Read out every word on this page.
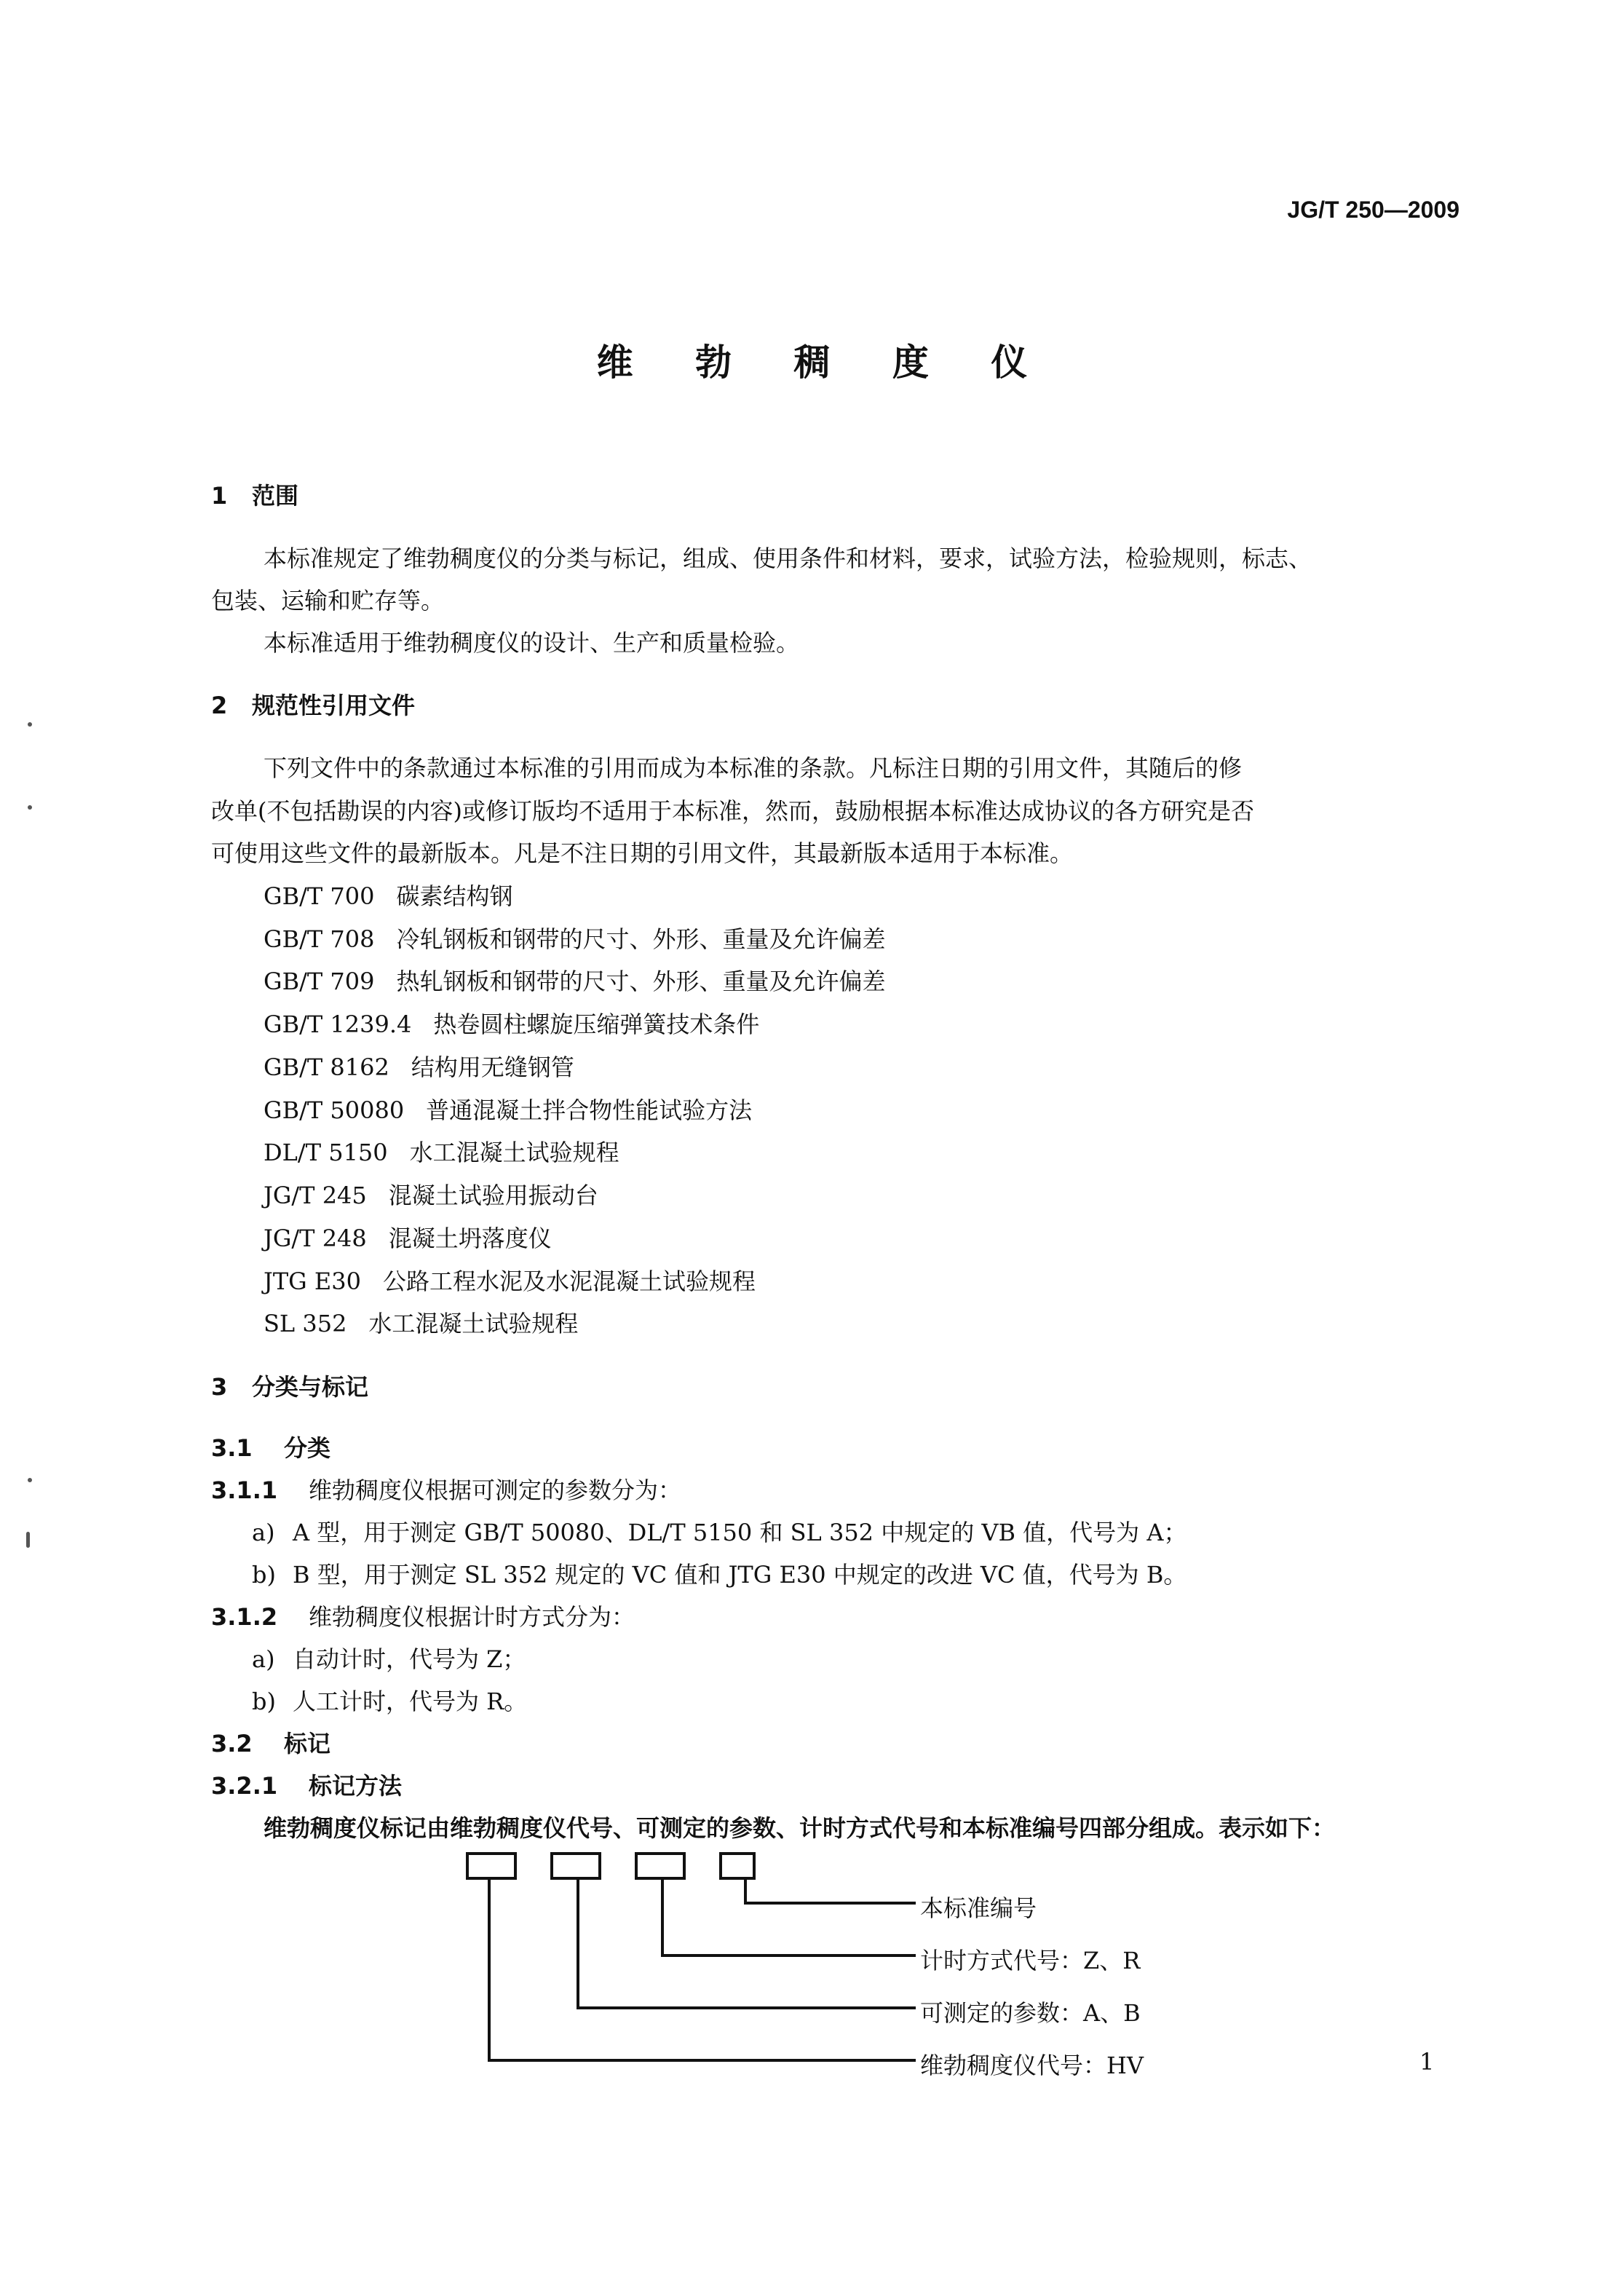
JG/T 250—2009
维 勃 稠 度 仪
1 范围
本标准规定了维勃稠度仪的分类与标记，组成、使用条件和材料，要求，试验方法，检验规则，标志、
包装、运输和贮存等。
本标准适用于维勃稠度仪的设计、生产和质量检验。
2 规范性引用文件
下列文件中的条款通过本标准的引用而成为本标准的条款。凡标注日期的引用文件，其随后的修
改单(不包括勘误的内容)或修订版均不适用于本标准，然而，鼓励根据本标准达成协议的各方研究是否
可使用这些文件的最新版本。凡是不注日期的引用文件，其最新版本适用于本标准。
GB/T 700 碳素结构钢
GB/T 708 冷轧钢板和钢带的尺寸、外形、重量及允许偏差
GB/T 709 热轧钢板和钢带的尺寸、外形、重量及允许偏差
GB/T 1239.4 热卷圆柱螺旋压缩弹簧技术条件
GB/T 8162 结构用无缝钢管
GB/T 50080 普通混凝土拌合物性能试验方法
DL/T 5150 水工混凝土试验规程
JG/T 245 混凝土试验用振动台
JG/T 248 混凝土坍落度仪
JTG E30 公路工程水泥及水泥混凝土试验规程
SL 352 水工混凝土试验规程
3 分类与标记
3.1 分类
3.1.1 维勃稠度仪根据可测定的参数分为：
a) A 型，用于测定 GB/T 50080、DL/T 5150 和 SL 352 中规定的 VB 值，代号为 A；
b) B 型，用于测定 SL 352 规定的 VC 值和 JTG E30 中规定的改进 VC 值，代号为 B。
3.1.2 维勃稠度仪根据计时方式分为：
a) 自动计时，代号为 Z；
b) 人工计时，代号为 R。
3.2 标记
3.2.1 标记方法
维勃稠度仪标记由维勃稠度仪代号、可测定的参数、计时方式代号和本标准编号四部分组成。表示如下：
本标准编号
计时方式代号：Z、R
可测定的参数：A、B
维勃稠度仪代号：HV	1
